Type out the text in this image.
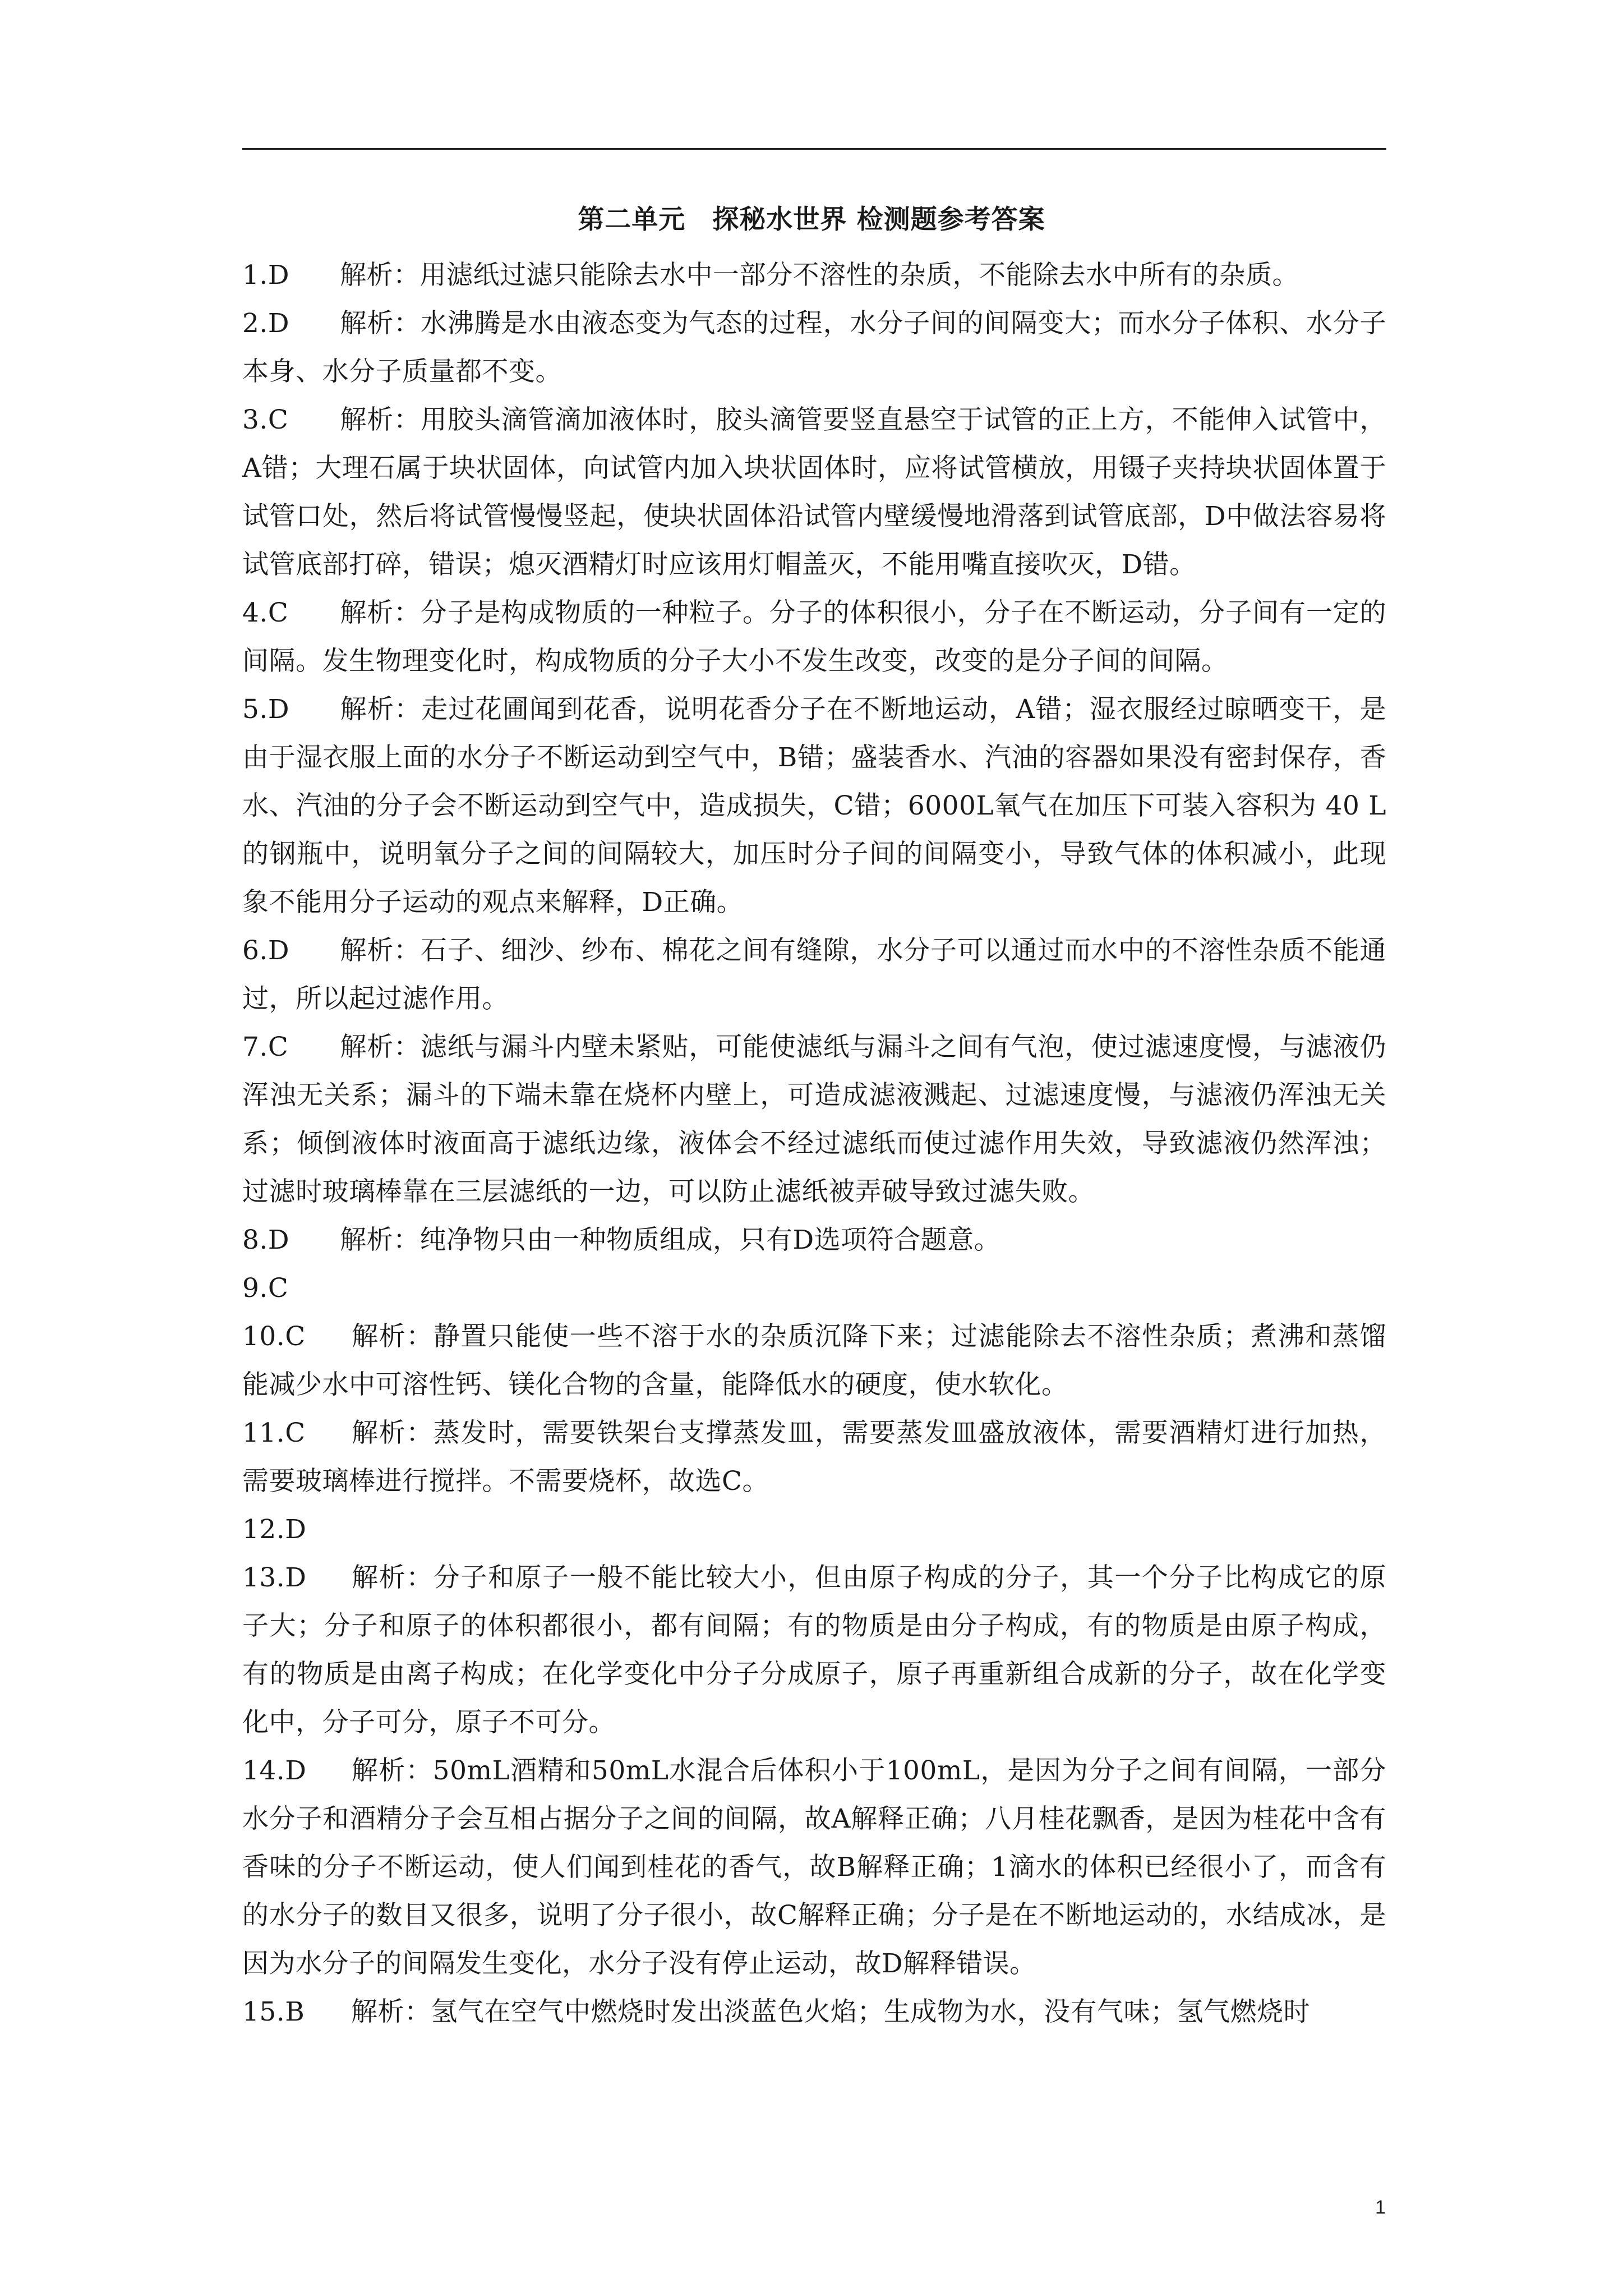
第二单元　探秘水世界 检测题参考答案

1.D 解析：用滤纸过滤只能除去水中一部分不溶性的杂质，不能除去水中所有的杂质。

2.D 解析：水沸腾是水由液态变为气态的过程，水分子间的间隔变大；而水分子体积、水分子本身、水分子质量都不变。

3.C 解析：用胶头滴管滴加液体时，胶头滴管要竖直悬空于试管的正上方，不能伸入试管中，A错；大理石属于块状固体，向试管内加入块状固体时，应将试管横放，用镊子夹持块状固体置于试管口处，然后将试管慢慢竖起，使块状固体沿试管内壁缓慢地滑落到试管底部，D中做法容易将试管底部打碎，错误；熄灭酒精灯时应该用灯帽盖灭，不能用嘴直接吹灭，D错。

4.C 解析：分子是构成物质的一种粒子。分子的体积很小，分子在不断运动，分子间有一定的间隔。发生物理变化时，构成物质的分子大小不发生改变，改变的是分子间的间隔。

5.D 解析：走过花圃闻到花香，说明花香分子在不断地运动，A错；湿衣服经过晾晒变干，是由于湿衣服上面的水分子不断运动到空气中，B错；盛装香水、汽油的容器如果没有密封保存，香水、汽油的分子会不断运动到空气中，造成损失，C错；6000L氧气在加压下可装入容积为 40 L的钢瓶中，说明氧分子之间的间隔较大，加压时分子间的间隔变小，导致气体的体积减小，此现象不能用分子运动的观点来解释，D正确。

6.D 解析：石子、细沙、纱布、棉花之间有缝隙，水分子可以通过而水中的不溶性杂质不能通过，所以起过滤作用。

7.C 解析：滤纸与漏斗内壁未紧贴，可能使滤纸与漏斗之间有气泡，使过滤速度慢，与滤液仍浑浊无关系；漏斗的下端未靠在烧杯内壁上，可造成滤液溅起、过滤速度慢，与滤液仍浑浊无关系；倾倒液体时液面高于滤纸边缘，液体会不经过滤纸而使过滤作用失效，导致滤液仍然浑浊；过滤时玻璃棒靠在三层滤纸的一边，可以防止滤纸被弄破导致过滤失败。

8.D 解析：纯净物只由一种物质组成，只有D选项符合题意。

9.C

10.C 解析：静置只能使一些不溶于水的杂质沉降下来；过滤能除去不溶性杂质；煮沸和蒸馏能减少水中可溶性钙、镁化合物的含量，能降低水的硬度，使水软化。

11.C 解析：蒸发时，需要铁架台支撑蒸发皿，需要蒸发皿盛放液体，需要酒精灯进行加热，需要玻璃棒进行搅拌。不需要烧杯，故选C。

12.D

13.D 解析：分子和原子一般不能比较大小，但由原子构成的分子，其一个分子比构成它的原子大；分子和原子的体积都很小，都有间隔；有的物质是由分子构成，有的物质是由原子构成，有的物质是由离子构成；在化学变化中分子分成原子，原子再重新组合成新的分子，故在化学变化中，分子可分，原子不可分。

14.D 解析：50mL酒精和50mL水混合后体积小于100mL，是因为分子之间有间隔，一部分水分子和酒精分子会互相占据分子之间的间隔，故A解释正确；八月桂花飘香，是因为桂花中含有香味的分子不断运动，使人们闻到桂花的香气，故B解释正确；1滴水的体积已经很小了，而含有的水分子的数目又很多，说明了分子很小，故C解释正确；分子是在不断地运动的，水结成冰，是因为水分子的间隔发生变化，水分子没有停止运动，故D解释错误。

15.B 解析：氢气在空气中燃烧时发出淡蓝色火焰；生成物为水，没有气味；氢气燃烧时

1
